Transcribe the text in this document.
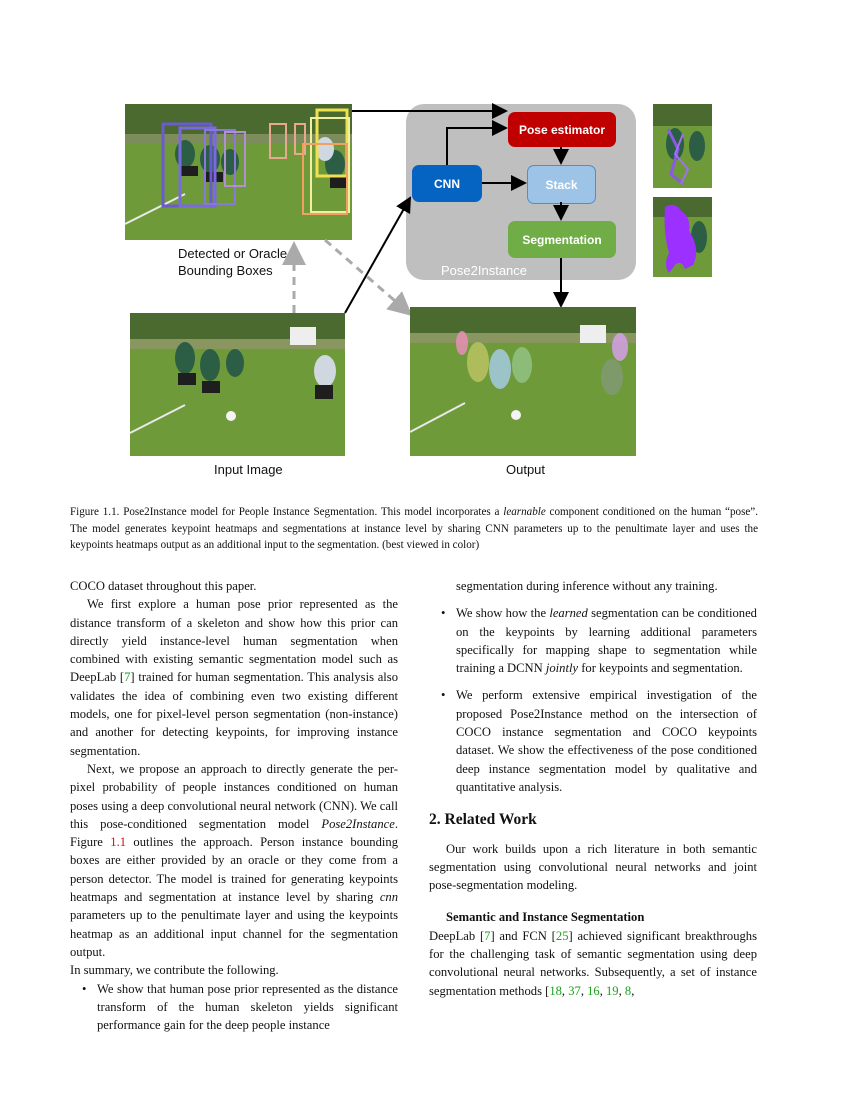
Detected or Oracle
Bounding Boxes	Pose2Instance
Pose estimator
CNN	Stack
Segmentation
Input Image	Output
Figure 1.1. Pose2Instance model for People Instance Segmentation. This model incorporates a learnable component conditioned on the human “pose”. The model generates keypoint heatmaps and segmentations at instance level by sharing CNN parameters up to the penultimate layer and uses the keypoints heatmaps output as an additional input to the segmentation. (best viewed in color)

COCO dataset throughout this paper.

We first explore a human pose prior represented as the distance transform of a skeleton and show how this prior can directly yield instance-level human segmentation when combined with existing semantic segmentation model such as DeepLab [7] trained for human segmentation. This analysis also validates the idea of combining even two existing different models, one for pixel-level person segmentation (non-instance) and another for detecting keypoints, for improving instance segmentation.

Next, we propose an approach to directly generate the per-pixel probability of people instances conditioned on human poses using a deep convolutional neural network (CNN). We call this pose-conditioned segmentation model Pose2Instance. Figure 1.1 outlines the approach. Person instance bounding boxes are either provided by an oracle or they come from a person detector. The model is trained for generating keypoints heatmaps and segmentation at instance level by sharing cnn parameters up to the penultimate layer and using the keypoints heatmap as an additional input channel for the segmentation output.

In summary, we contribute the following.

• We show that human pose prior represented as the distance transform of the human skeleton yields significant performance gain for the deep people instance

segmentation during inference without any training.

• We show how the learned segmentation can be conditioned on the keypoints by learning additional parameters specifically for mapping shape to segmentation while training a DCNN jointly for keypoints and segmentation.

• We perform extensive empirical investigation of the proposed Pose2Instance method on the intersection of COCO instance segmentation and COCO keypoints dataset. We show the effectiveness of the pose conditioned deep instance segmentation model by qualitative and quantitative analysis.

2. Related Work

Our work builds upon a rich literature in both semantic segmentation using convolutional neural networks and joint pose-segmentation modeling.

Semantic and Instance Segmentation

DeepLab [7] and FCN [25] achieved significant breakthroughs for the challenging task of semantic segmentation using deep convolutional neural networks. Subsequently, a set of instance segmentation methods [18, 37, 16, 19, 8,
